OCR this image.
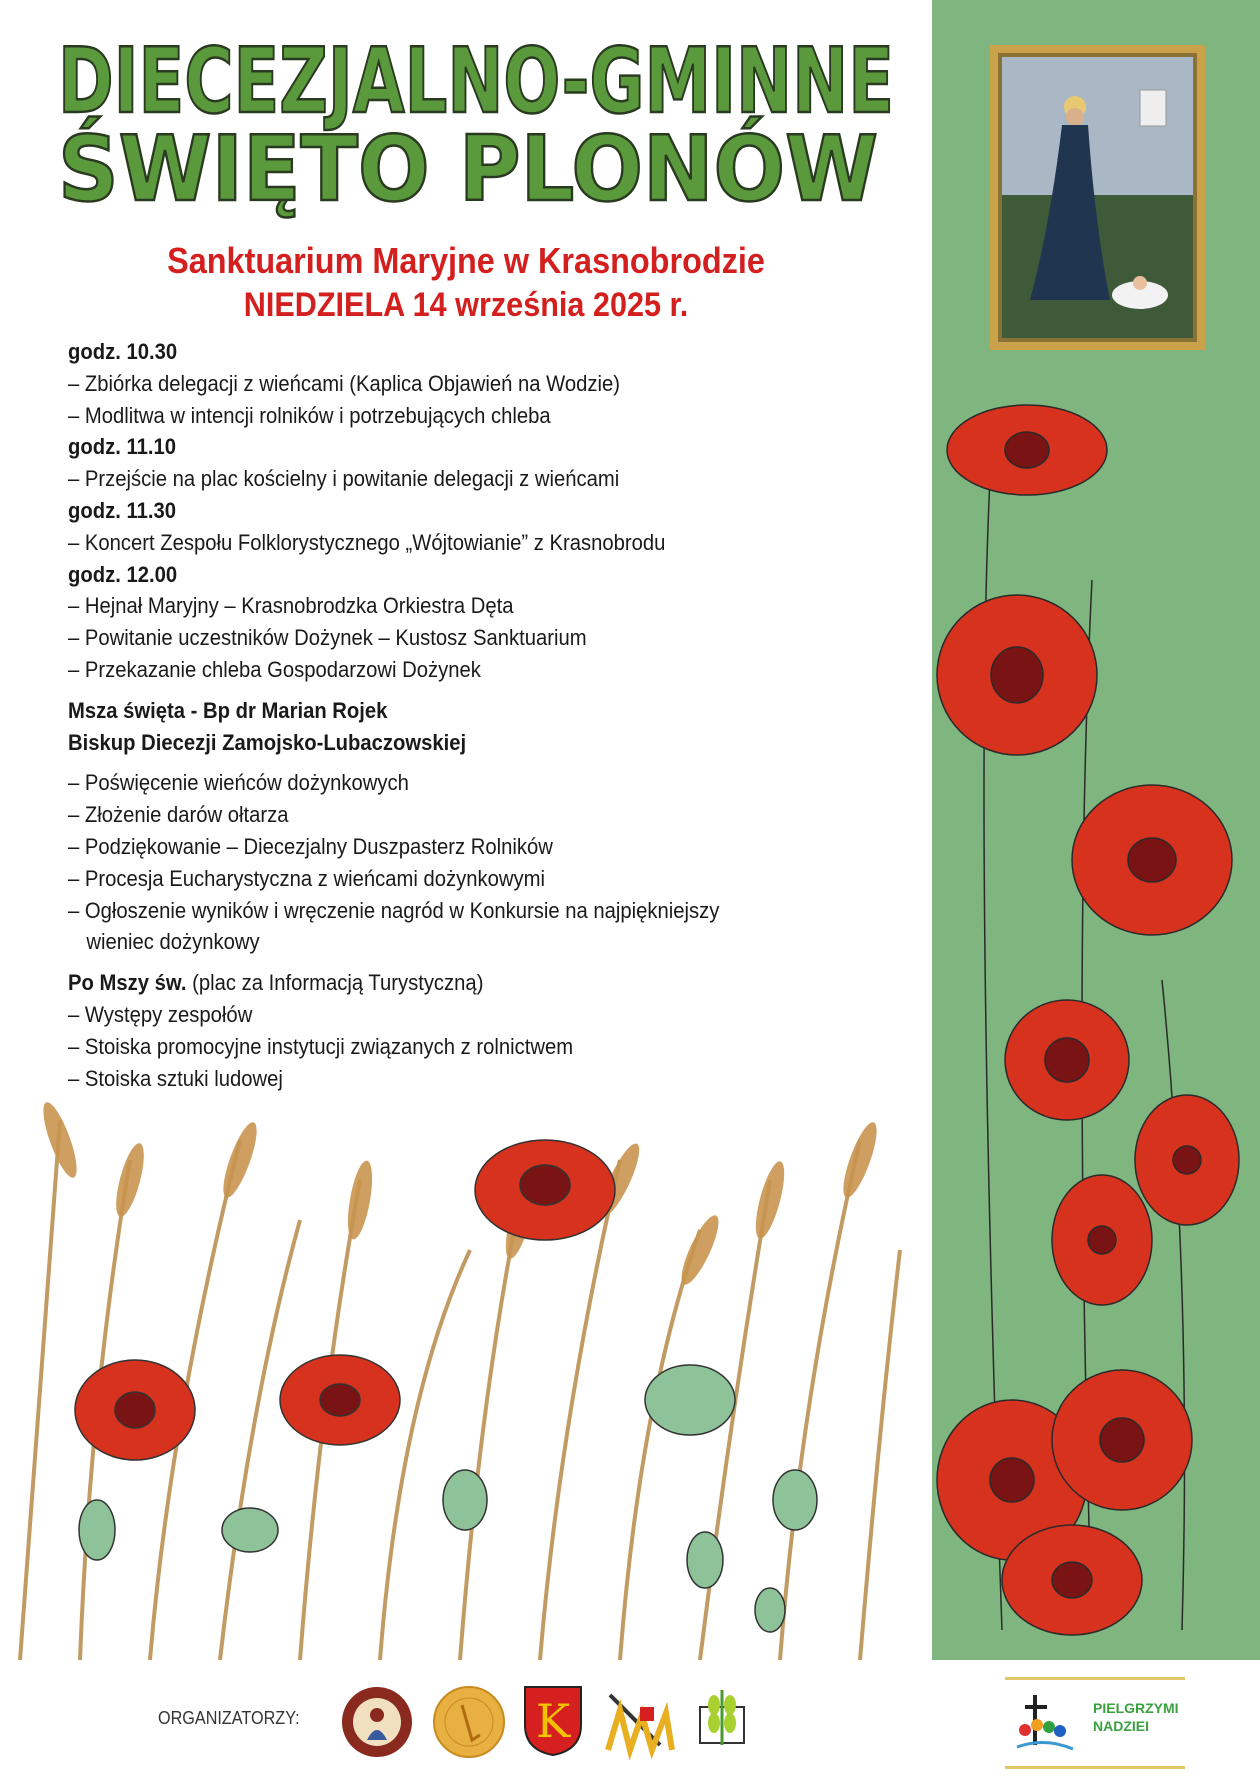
DIECEZJALNO-GMINNE
ŚWIĘTO PLONÓW
Sanktuarium Maryjne w Krasnobrodzie
NIEDZIELA 14 września 2025 r.
godz. 10.30
– Zbiórka delegacji z wieńcami (Kaplica Objawień na Wodzie)
– Modlitwa w intencji rolników i potrzebujących chleba
godz. 11.10
– Przejście na plac kościelny i powitanie delegacji z wieńcami
godz. 11.30
– Koncert Zespołu Folklorystycznego „Wójtowianie” z Krasnobrodu
godz. 12.00
– Hejnał Maryjny – Krasnobrodzka Orkiestra Dęta
– Powitanie uczestników Dożynek – Kustosz Sanktuarium
– Przekazanie chleba Gospodarzowi Dożynek
Msza święta - Bp dr Marian Rojek
Biskup Diecezji Zamojsko-Lubaczowskiej
– Poświęcenie wieńców dożynkowych
– Złożenie darów ołtarza
– Podziękowanie – Diecezjalny Duszpasterz Rolników
– Procesja Eucharystyczna z wieńcami dożynkowymi
– Ogłoszenie wyników i wręczenie nagród w Konkursie na najpiękniejszy
wieniec dożynkowy
Po Mszy św. (plac za Informacją Turystyczną)
– Występy zespołów
– Stoiska promocyjne instytucji związanych z rolnictwem
– Stoiska sztuki ludowej
ORGANIZATORZY:	K	PIELGRZYMI
NADZIEI
